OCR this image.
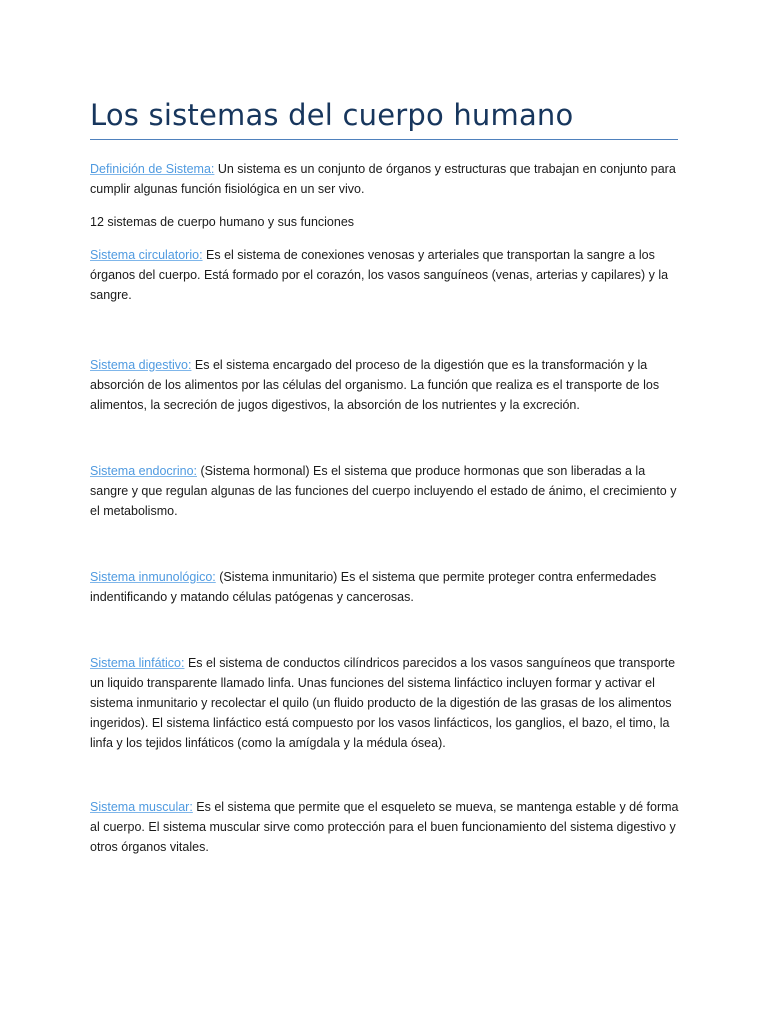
Los sistemas del cuerpo humano

Definición de Sistema: Un sistema es un conjunto de órganos y estructuras que trabajan en conjunto para cumplir algunas función fisiológica en un ser vivo.

12 sistemas de cuerpo humano y sus funciones

Sistema circulatorio: Es el sistema de conexiones venosas y arteriales que transportan la sangre a los órganos del cuerpo. Está formado por el corazón, los vasos sanguíneos (venas, arterias y capilares) y la sangre.

Sistema digestivo: Es el sistema encargado del proceso de la digestión que es la transformación y la absorción de los alimentos por las células del organismo. La función que realiza es el transporte de los alimentos, la secreción de jugos digestivos, la absorción de los nutrientes y la excreción.

Sistema endocrino: (Sistema hormonal) Es el sistema que produce hormonas que son liberadas a la sangre y que regulan algunas de las funciones del cuerpo incluyendo el estado de ánimo, el crecimiento y el metabolismo.

Sistema inmunológico: (Sistema inmunitario) Es el sistema que permite proteger contra enfermedades indentificando y matando células patógenas y cancerosas.

Sistema linfático: Es el sistema de conductos cilíndricos parecidos a los vasos sanguíneos que transporte un liquido transparente llamado linfa. Unas funciones del sistema linfáctico incluyen formar y activar el sistema inmunitario y recolectar el quilo (un fluido producto de la digestión de las grasas de los alimentos ingeridos). El sistema linfáctico está compuesto por los vasos linfácticos, los ganglios, el bazo, el timo, la linfa y los tejidos linfáticos (como la amígdala y la médula ósea).

Sistema muscular: Es el sistema que permite que el esqueleto se mueva, se mantenga estable y dé forma al cuerpo. El sistema muscular sirve como protección para el buen funcionamiento del sistema digestivo y otros órganos vitales.
